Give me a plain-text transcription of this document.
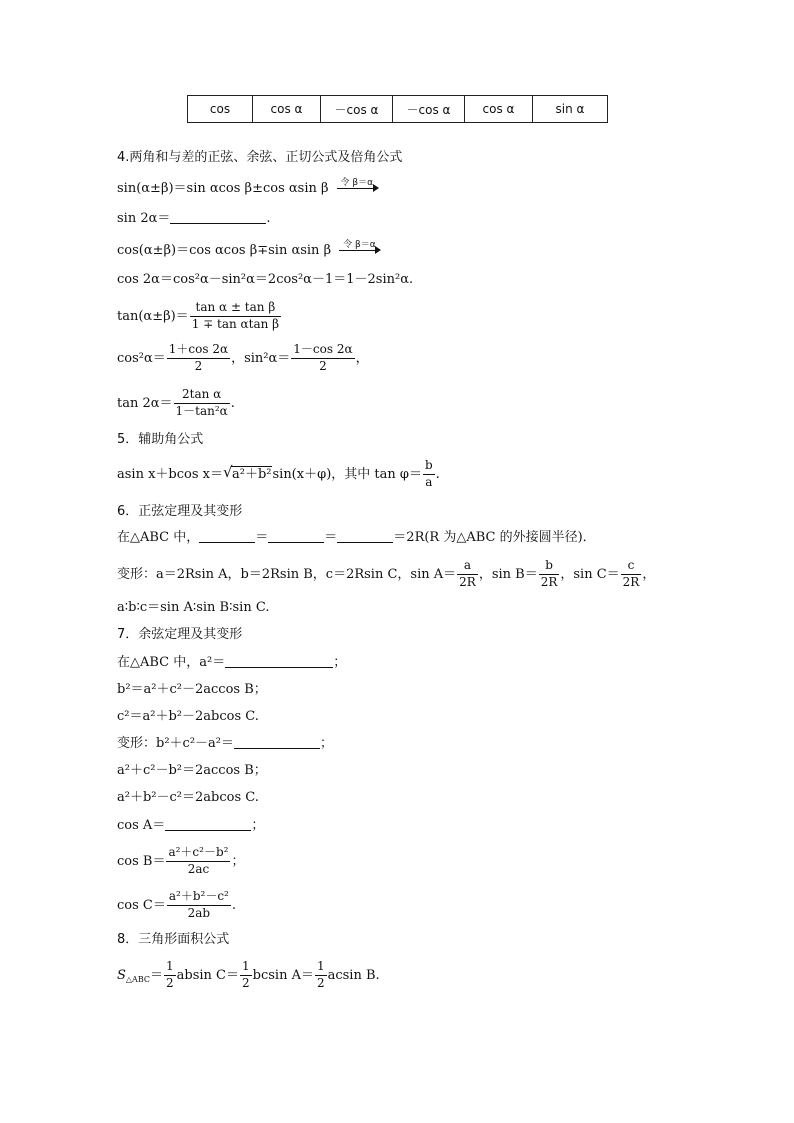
cos	cos α	－cos α	－cos α	cos α	sin α
4.两角和与差的正弦、余弦、正切公式及倍角公式
sin(α±β)＝sin αcos β±cos αsin β 令 β＝α
sin 2α＝	.
cos(α±β)＝cos αcos β∓sin αsin β 令 β＝α
cos 2α＝cos²α－sin²α＝2cos²α－1＝1－2sin²α.
$\tan(\alpha\pm\beta)= \frac{\text{tan α ± tan β}}{\text{1 ∓ tan αtan β}}$
$\cos^2\alpha= \frac{1+\cos 2\alpha}{2}$ ，$\sin^2\alpha= \frac{1-\cos 2\alpha}{2}$ ，
$\tan 2\alpha= \frac{\text{2tan α}}{\text{1－tan²α}}$ .
5．辅助角公式
asin x＋bcos x＝ √ a²＋b²sin(x＋φ)，其中 $\tan \varphi= \frac{b}{a}$ .
6．正弦定理及其变形
在△ABC 中，	＝	＝	＝2R(R 为△ABC 的外接圆半径)．
变形：a＝2Rsin A，b＝2Rsin B，c＝2Rsin C，$\sin A= \frac{a}{2R}$ ，$\sin B= \frac{b}{2R}$ ，$\sin C= \frac{c}{2R}$ ，
a∶b∶c＝sin A∶sin B∶sin C.
7．余弦定理及其变形
在△ABC 中，a²＝	；
b²＝a²＋c²－2accos B；
c²＝a²＋b²－2abcos C.
变形：b²＋c²－a²＝	；
a²＋c²－b²＝2accos B；
a²＋b²－c²＝2abcos C.
cos A＝	；
$\cos B= \frac{\text{a²＋c²－b²}}{2ac}$ ；
$\cos C= \frac{\text{a²＋b²－c²}}{2ab}$ .
8．三角形面积公式
$S_{\triangle ABC}= \frac{1}{2}$ absin $C= \frac{1}{2}$ bcsin $A= \frac{1}{2}$ acsin B.
